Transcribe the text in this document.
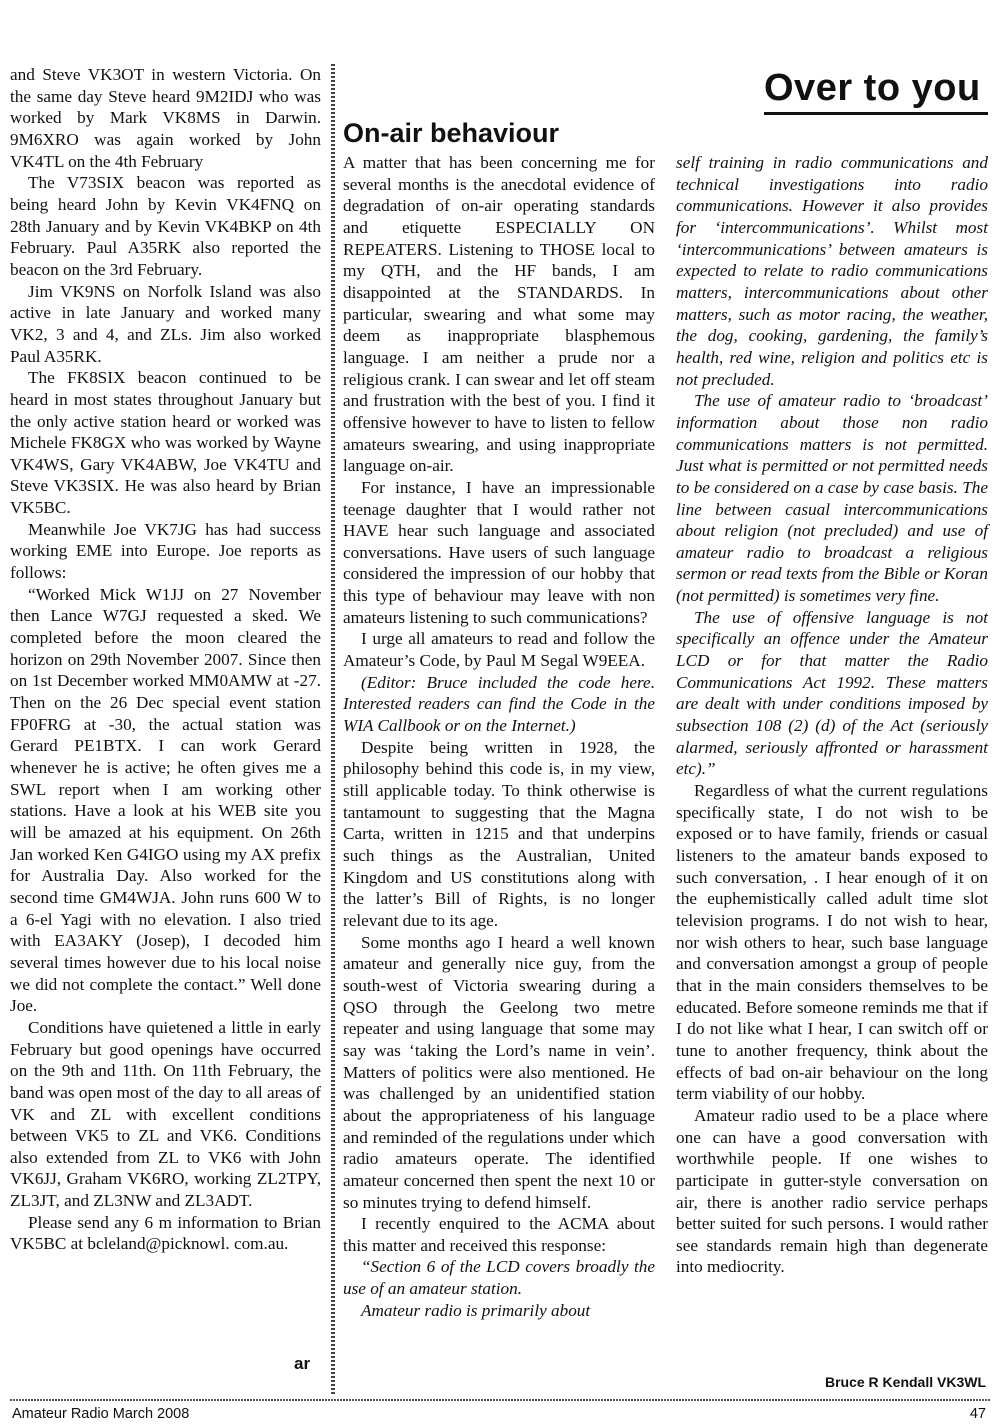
Over to you
On-air behaviour

and Steve VK3OT in western Victoria. On the same day Steve heard 9M2IDJ who was worked by Mark VK8MS in Darwin. 9M6XRO was again worked by John VK4TL on the 4th February

The V73SIX beacon was reported as being heard John by Kevin VK4FNQ on 28th January and by Kevin VK4BKP on 4th February. Paul A35RK also reported the beacon on the 3rd February.

Jim VK9NS on Norfolk Island was also active in late January and worked many VK2, 3 and 4, and ZLs. Jim also worked Paul A35RK.

The FK8SIX beacon continued to be heard in most states throughout January but the only active station heard or worked was Michele FK8GX who was worked by Wayne VK4WS, Gary VK4ABW, Joe VK4TU and Steve VK3SIX. He was also heard by Brian VK5BC.

Meanwhile Joe VK7JG has had success working EME into Europe. Joe reports as follows:

“Worked Mick W1JJ on 27 November then Lance W7GJ requested a sked. We completed before the moon cleared the horizon on 29th November 2007. Since then on 1st December worked MM0AMW at -27. Then on the 26 Dec special event station FP0FRG at -30, the actual station was Gerard PE1BTX. I can work Gerard whenever he is active; he often gives me a SWL report when I am working other stations. Have a look at his WEB site you will be amazed at his equipment. On 26th Jan worked Ken G4IGO using my AX prefix for Australia Day. Also worked for the second time GM4WJA. John runs 600 W to a 6-el Yagi with no elevation. I also tried with EA3AKY (Josep), I decoded him several times however due to his local noise we did not complete the contact.” Well done Joe.

Conditions have quietened a little in early February but good openings have occurred on the 9th and 11th. On 11th February, the band was open most of the day to all areas of VK and ZL with excellent conditions between VK5 to ZL and VK6. Conditions also extended from ZL to VK6 with John VK6JJ, Graham VK6RO, working ZL2TPY, ZL3JT, and ZL3NW and ZL3ADT.

Please send any 6 m information to Brian VK5BC at bcleland@picknowl. com.au.

ar

A matter that has been concerning me for several months is the anecdotal evidence of degradation of on-air operating standards and etiquette ESPECIALLY ON REPEATERS. Listening to THOSE local to my QTH, and the HF bands, I am disappointed at the STANDARDS. In particular, swearing and what some may deem as inappropriate blasphemous language. I am neither a prude nor a religious crank. I can swear and let off steam and frustration with the best of you. I find it offensive however to have to listen to fellow amateurs swearing, and using inappropriate language on-air.

For instance, I have an impressionable teenage daughter that I would rather not HAVE hear such language and associated conversations. Have users of such language considered the impression of our hobby that this type of behaviour may leave with non amateurs listening to such communications?

I urge all amateurs to read and follow the Amateur’s Code, by Paul M Segal W9EEA.

(Editor: Bruce included the code here. Interested readers can find the Code in the WIA Callbook or on the Internet.)

Despite being written in 1928, the philosophy behind this code is, in my view, still applicable today. To think otherwise is tantamount to suggesting that the Magna Carta, written in 1215 and that underpins such things as the Australian, United Kingdom and US constitutions along with the latter’s Bill of Rights, is no longer relevant due to its age.

Some months ago I heard a well known amateur and generally nice guy, from the south-west of Victoria swearing during a QSO through the Geelong two metre repeater and using language that some may say was ‘taking the Lord’s name in vein’. Matters of politics were also mentioned. He was challenged by an unidentified station about the appropriateness of his language and reminded of the regulations under which radio amateurs operate. The identified amateur concerned then spent the next 10 or so minutes trying to defend himself.

I recently enquired to the ACMA about this matter and received this response:

“Section 6 of the LCD covers broadly the use of an amateur station.

Amateur radio is primarily about

self training in radio communications and technical investigations into radio communications. However it also provides for ‘intercommunications’. Whilst most ‘intercommunications’ between amateurs is expected to relate to radio communications matters, intercommunications about other matters, such as motor racing, the weather, the dog, cooking, gardening, the family’s health, red wine, religion and politics etc is not precluded.

The use of amateur radio to ‘broadcast’ information about those non radio communications matters is not permitted. Just what is permitted or not permitted needs to be considered on a case by case basis. The line between casual intercommunications about religion (not precluded) and use of amateur radio to broadcast a religious sermon or read texts from the Bible or Koran (not permitted) is sometimes very fine.

The use of offensive language is not specifically an offence under the Amateur LCD or for that matter the Radio Communications Act 1992. These matters are dealt with under conditions imposed by subsection 108 (2) (d) of the Act (seriously alarmed, seriously affronted or harassment etc).”

Regardless of what the current regulations specifically state, I do not wish to be exposed or to have family, friends or casual listeners to the amateur bands exposed to such conversation, . I hear enough of it on the euphemistically called adult time slot television programs. I do not wish to hear, nor wish others to hear, such base language and conversation amongst a group of people that in the main considers themselves to be educated. Before someone reminds me that if I do not like what I hear, I can switch off or tune to another frequency, think about the effects of bad on-air behaviour on the long term viability of our hobby.

Amateur radio used to be a place where one can have a good conversation with worthwhile people. If one wishes to participate in gutter-style conversation on air, there is another radio service perhaps better suited for such persons. I would rather see standards remain high than degenerate into mediocrity.

Bruce R Kendall VK3WL
Amateur Radio March 2008	47
